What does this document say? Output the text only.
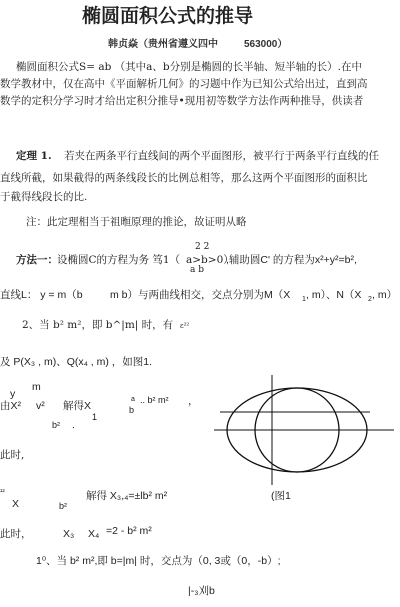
椭圆面积公式的推导
韩贞焱（贵州省遵义四中	563000）
椭圆面积公式S= ab （其中a、b分别是椭圆的长半轴、短半轴的长）.在中
数学教材中，仅在高中《平面解析几何》的习题中作为已知公式给出过，直到高
数学的定积分学习时才给出定积分推导•现用初等数学方法作两种推导，供读者
定理 1. 若夹在两条平行直线间的两个平面图形，被平行于两条平行直线的任
直线所截，如果截得的两条线段长的比例总相等，那么这两个平面图形的面积比
于截得线段长的比.
注：此定理相当于祖暅原理的推论，故证明从略
2 2
方法一： 设椭圆C的方程为务 笃1（ a>b>0）
,辅助圆C' 的方程为x²+y²=b²,
a b
直线L： y = m（b	m b）与两曲线相交，交点分别为M（X 1 , m）、N（X 2 , m）
2、当 b² m²，即 b^|m| 时，有 ε²²
及 P(X₃ , m)、Q(x₄ , m) ，如图1.
m
y
由X² v² 解得X
a .. b² m² ，
b
1
b² ．
此时,
¹²
X	b²
解得 X₃,₄=±lb² m²	(图1
此时，	X₃ X₄ =2 - b² m²
1⁰、当 b² m²,即 b=|m| 时，交点为（0, 3或（0，-b）;
|-₃刈b
